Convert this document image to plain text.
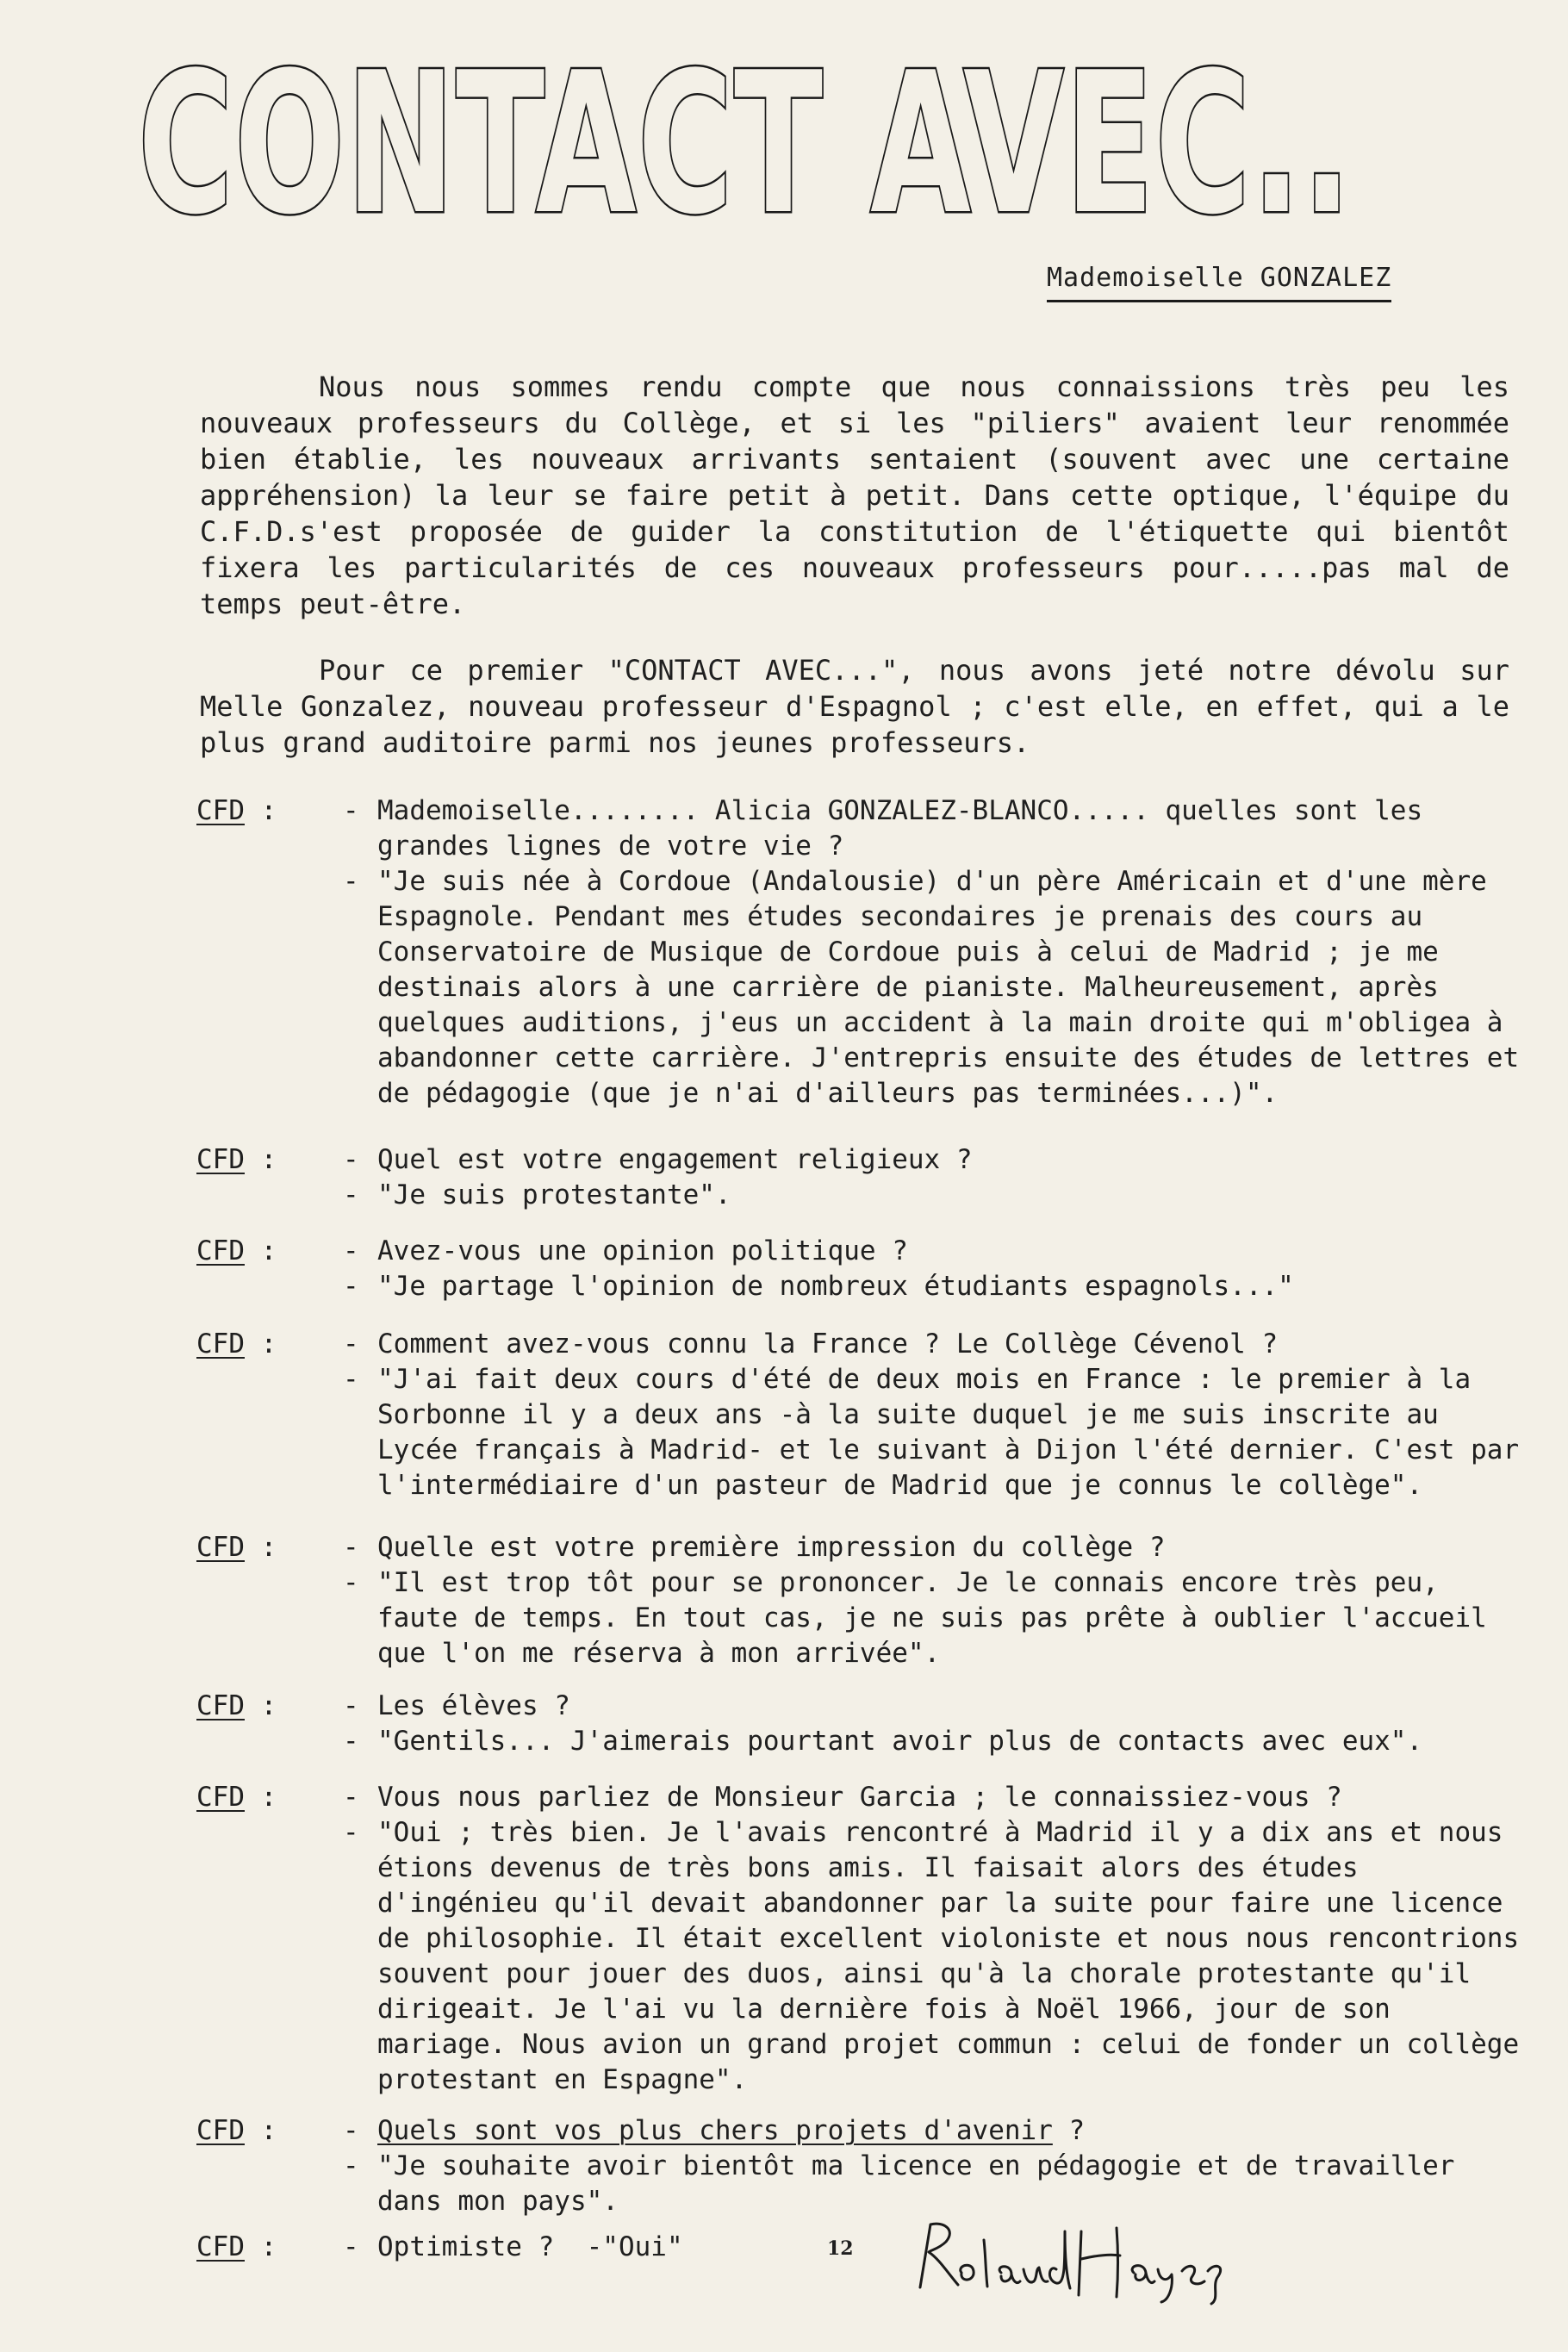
CONTACT AVEC..
Mademoiselle GONZALEZ
Nous nous sommes rendu compte que nous connaissions très peu les nouveaux professeurs du Collège, et si les "piliers" avaient leur renommée bien établie, les nouveaux arrivants sentaient (souvent avec une certaine appréhension) la leur se faire petit à petit. Dans cette optique, l'équipe du C.F.D.s'est proposée de guider la constitution de l'étiquette qui bientôt fixera les particularités de ces nouveaux professeurs pour.....pas mal de temps peut-être.
Pour ce premier "CONTACT AVEC...", nous avons jeté notre dévolu sur Melle Gonzalez, nouveau professeur d'Espagnol ; c'est elle, en effet, qui a le plus grand auditoire parmi nos jeunes professeurs.
CFD :	- Mademoiselle........ Alicia GONZALEZ-BLANCO..... quelles sont les grandes lignes de votre vie ?
- "Je suis née à Cordoue (Andalousie) d'un père Américain et d'une mère Espagnole. Pendant mes études secondaires je prenais des cours au Conservatoire de Musique de Cordoue puis à celui de Madrid ; je me destinais alors à une carrière de pianiste. Malheureusement, après quelques auditions, j'eus un accident à la main droite qui m'obligea à abandonner cette carrière. J'entrepris ensuite des études de lettres et de pédagogie (que je n'ai d'ailleurs pas terminées...)".
CFD :	- Quel est votre engagement religieux ?
- "Je suis protestante".
CFD :	- Avez-vous une opinion politique ?
- "Je partage l'opinion de nombreux étudiants espagnols..."
CFD :	- Comment avez-vous connu la France ? Le Collège Cévenol ?
- "J'ai fait deux cours d'été de deux mois en France : le premier à la Sorbonne il y a deux ans -à la suite duquel je me suis inscrite au Lycée français à Madrid- et le suivant à Dijon l'été dernier. C'est par l'intermédiaire d'un pasteur de Madrid que je connus le collège".
CFD :	- Quelle est votre première impression du collège ?
- "Il est trop tôt pour se prononcer. Je le connais encore très peu, faute de temps. En tout cas, je ne suis pas prête à oublier l'accueil que l'on me réserva à mon arrivée".
CFD :	- Les élèves ?
- "Gentils... J'aimerais pourtant avoir plus de contacts avec eux".
CFD :	- Vous nous parliez de Monsieur Garcia ; le connaissiez-vous ?
- "Oui ; très bien. Je l'avais rencontré à Madrid il y a dix ans et nous étions devenus de très bons amis. Il faisait alors des études d'ingénieu qu'il devait abandonner par la suite pour faire une licence de philosophie. Il était excellent violoniste et nous nous rencontrions souvent pour jouer des duos, ainsi qu'à la chorale protestante qu'il dirigeait. Je l'ai vu la dernière fois à Noël 1966, jour de son mariage. Nous avion un grand projet commun : celui de fonder un collège protestant en Espagne".
CFD :	- Quels sont vos plus chers projets d'avenir ?
- "Je souhaite avoir bientôt ma licence en pédagogie et de travailler dans mon pays".
CFD :	- Optimiste ? -"Oui"	12
